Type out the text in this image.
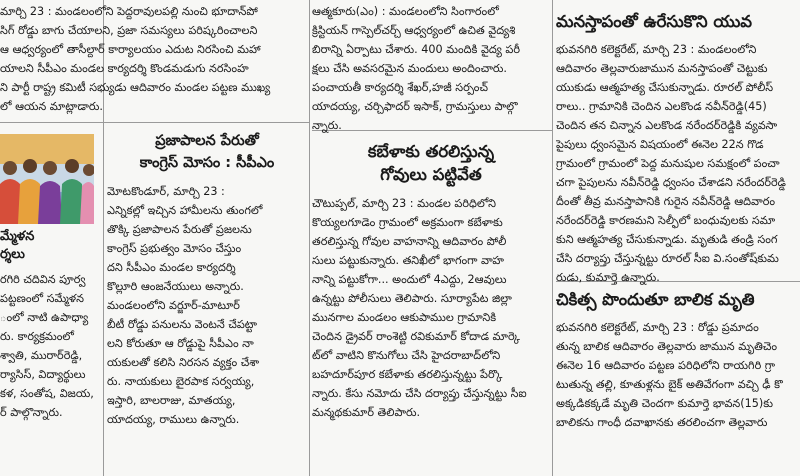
మార్చి 23 : మండలంలోని పెద్దరావులపల్లి నుంచి భూదాన్‌పో

సిగ్‌ రోడ్డు బాగు చేయాలని, ప్రజా సమస్యలు పరిష్కరించాలని

ఆ ఆధ్వర్యంలో తాసీల్దార్ కార్యాలయం ఎదుట నిరసించి మహా

యాలని సీపీఎం మండల కార్యదర్శి కొండమడుగు నరసింహ

ని పార్టీ రాష్ట్ర కమిటీ సభ్యుడు ఆదివారం మండల పట్టణ ముఖ్య

లో ఆయన మాట్లాడారు.

మ్మేళన

ర్శలు

రగిరి చదివిన పూర్వ

పట్టణంలో సమ్మేళన

ంలో నాటి ఉపాధ్యా

రు. కార్యక్రమంలో

శ్వాతి, మురార్‌రెడ్డి,

ర్యాసిస్, విద్యార్థులు

కళ, సంతోష, విజయ,

ర్ పాల్గొన్నారు.

ప్రజాపాలన పేరుతో

కాంగ్రెస్‌ మోసం : సీపీఎం

మోటకొండూర్, మార్చి 23 :

ఎన్నికల్లో ఇచ్చిన హామీలను తుంగలో

తొక్కి ప్రజాపాలన పేరుతో ప్రజలను

కాంగ్రెస్ ప్రభుత్వం మోసం చేస్తుం

దని సీపీఎం మండల కార్యదర్శి

కొల్లూరి ఆంజనేయులు అన్నారు.

మండలంలోని వర్జూర్-మాటూర్

బీటీ రోడ్డు పనులను వెంటనే చేపట్టా

లని కోరుతూ ఆ రోడ్డుపై సీపీఎం నా

యకులతో కలిసి నిరసన వ్యక్తం చేశా

రు. నాయకులు బైరపాక సర్వయ్య,

ఇస్తారి, బాలరాజు, మాతయ్య,

యాదయ్య, రాములు ఉన్నారు.

ఆత్మకూరు(ఎం) : మండలంలోని సింగారంలో

క్రిస్టియన్ గాస్పెల్‌చర్చ్ ఆధ్వర్యంలో ఉచిత వైద్యశి

బిరాన్ని ఏర్పాటు చేశారు. 400 మందికి వైద్య పరీ

క్షలు చేసి అవసరమైన మందులు అందించారు.

పంచాయతీ కార్యదర్శి శేఖర్,హజీ సర్పంచ్

యాదయ్య, చర్చిఫాదర్ ఇసాక్, గ్రామస్తులు పాల్గొ

న్నారు.

కబేళాకు తరలిస్తున్న

గోవులు పట్టివేత

చౌటుప్పల్, మార్చి 23 : మండల పరిధిలోని

కొయ్యలగూడెం గ్రామంలో అక్రమంగా కబేళాకు

తరలిస్తున్న గోవుల వాహనాన్ని ఆదివారం పోలీ

సులు పట్టుకున్నారు. తనిఖీలో భాగంగా వాహ

నాన్ని పట్టుకోగా... అందులో 4ఎద్దు, 2ఆవులు

ఉన్నట్టు పోలీసులు తెలిపారు. సూర్యాపేట జిల్లా

మునగాల మండలం ఆకుపాముల గ్రామానికి

చెందిన డ్రైవర్ రాంశెట్టి రవికుమార్ కోదాడ మార్కె

ట్‌లో వాటిని కొనుగోలు చేసి హైదరాబాద్‌లోని

బహదూర్‌పూర కబేళాకు తరలిస్తున్నట్టు పేర్కొ

న్నారు. కేసు నమోదు చేసి దర్యాప్తు చేస్తున్నట్టు సీఐ

మన్మథకుమార్ తెలిపారు.

మనస్తాపంతో ఉరేసుకొని యువ

భువనగిరి కలెక్టరేట్, మార్చి 23 : మండలంలోని

ఆదివారం తెల్లవారుజామున మనస్తాపంతో చెట్టుకు

యుకుడు ఆత్మహత్య చేసుకున్నాడు. రూరల్ పోలీస్

రాలు.. గ్రామానికి చెందిన ఎలకొండ నవీన్‌రెడ్డి(45)

చెందిన తన చిన్నాన ఎలకొండ నరేందర్‌రెడ్డికి వ్యవసా

పైపులు ధ్వంసమైన విషయంలో ఈనెల 22న గొడ

గ్రామంలో గ్రామంలో పెద్ద మనుషుల సమక్షంలో పంచా

చగా పైపులను నవీన్‌రెడ్డి ధ్వంసం చేశాడని నరేందర్‌రెడ్డి

దీంతో తీవ్ర మనస్తాపానికి గురైన నవీన్‌రెడ్డి ఆదివారం

నరేందర్‌రెడ్డి కారణమని సెల్ఫీలో బంధువులకు సమా

కుని ఆత్మహత్య చేసుకున్నాడు. మృతుడి తండ్రి సంగ

చేసి దర్యాప్తు చేస్తున్నట్టు రూరల్ సీఐ వి.సంతోష్‌కుమ

రుడు, కుమార్తె ఉన్నారు.

చికిత్స పొందుతూ బాలిక మృతి

భువనగిరి కలెక్టరేట్, మార్చి 23 : రోడ్డు ప్రమాదం

తున్న బాలిక ఆదివారం తెల్లవారు జామున మృతిచెం

ఈనెల 16 ఆదివారం పట్టణ పరిధిలోని రాయగిరి గ్రా

టుతున్న తల్లి, కూతుళ్లను బైక్ అతివేగంగా వచ్చి ఢీ కొ

అక్కడికక్కడే మృతి చెందగా కుమార్తె భావన(15)కు

బాలికను గాంధీ దవాఖానకు తరలించగా తెల్లవారు
